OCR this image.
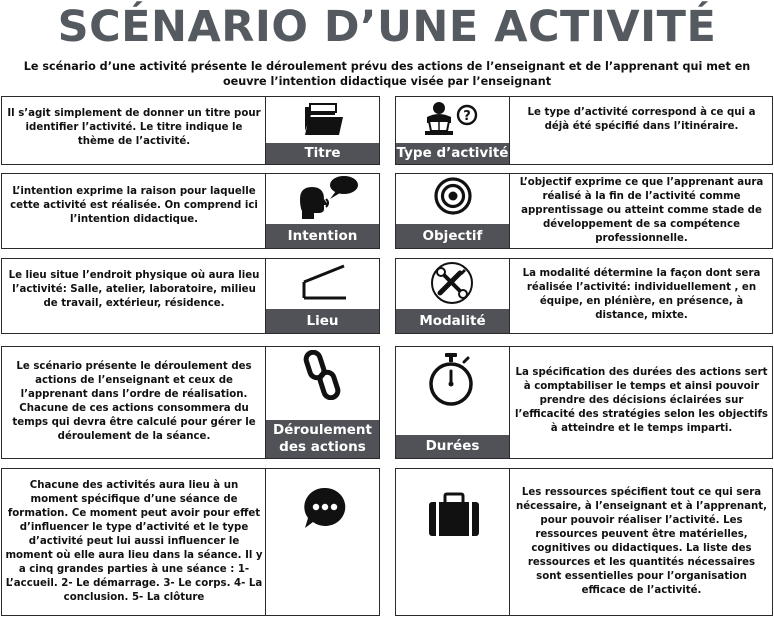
SCÉNARIO D’UNE ACTIVITÉ
Le scénario d’une activité présente le déroulement prévu des actions de l’enseignant et de l’apprenant qui met en oeuvre l’intention didactique visée par l’enseignant
Il s’agit simplement de donner un titre pour identifier l’activité. Le titre indique le thème de l’activité.
Titre
?
Type d’activité
Le type d’activité correspond à ce qui a déjà été spécifié dans l’itinéraire.
L’intention exprime la raison pour laquelle cette activité est réalisée. On comprend ici l’intention didactique.
Intention	Objectif
L’objectif exprime ce que l’apprenant aura réalisé à la fin de l’activité comme apprentissage ou atteint comme stade de développement de sa compétence professionnelle.
Le lieu situe l’endroit physique où aura lieu l’activité: Salle, atelier, laboratoire, milieu de travail, extérieur, résidence.
Lieu	Modalité
La modalité détermine la façon dont sera réalisée l’activité: individuellement , en équipe, en plénière, en présence, à distance, mixte.
Le scénario présente le déroulement des actions de l’enseignant et ceux de l’apprenant dans l’ordre de réalisation. Chacune de ces actions consommera du temps qui devra être calculé pour gérer le déroulement de la séance.	Déroulement des actions	Durées
La spécification des durées des actions sert à comptabiliser le temps et ainsi pouvoir prendre des décisions éclairées sur l’efficacité des stratégies selon les objectifs à atteindre et le temps imparti.
Chacune des activités aura lieu à un moment spécifique d’une séance de formation. Ce moment peut avoir pour effet d’influencer le type d’activité et le type d’activité peut lui aussi influencer le moment où elle aura lieu dans la séance. Il y a cinq grandes parties à une séance : 1- L’accueil. 2- Le démarrage. 3- Le corps. 4- La conclusion. 5- La clôture
Les ressources spécifient tout ce qui sera nécessaire, à l’enseignant et à l’apprenant, pour pouvoir réaliser l’activité. Les ressources peuvent être matérielles, cognitives ou didactiques. La liste des ressources et les quantités nécessaires sont essentielles pour l’organisation efficace de l’activité.
